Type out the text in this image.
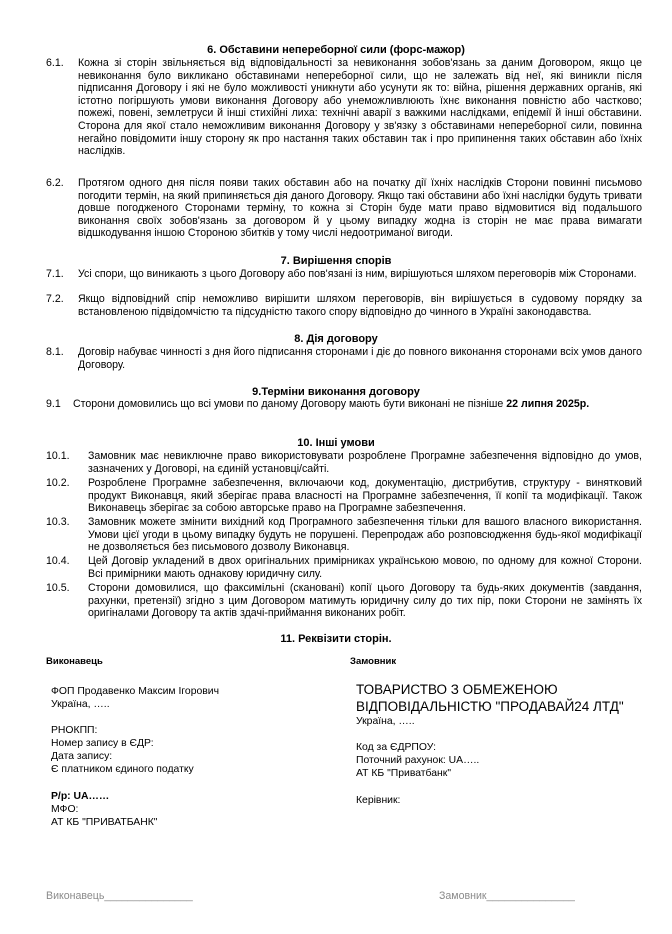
6. Обставини непереборної сили (форс-мажор)
6.1. Кожна зі сторін звільняється від відповідальності за невиконання зобов'язань за даним Договором, якщо це невиконання було викликано обставинами непереборної сили, що не залежать від неї, які виникли після підписання Договору і які не було можливості уникнути або усунути як то: війна, рішення державних органів, які істотно погіршують умови виконання Договору або унеможливлюють їхнє виконання повністю або частково; пожежі, повені, землетруси й інші стихійні лиха: технічні аварії з важкими наслідками, епідемії й інші обставини. Сторона для якої стало неможливим виконання Договору у зв'язку з обставинами непереборної сили, повинна негайно повідомити іншу сторону як про настання таких обставин так і про припинення таких обставин або їхніх наслідків.
6.2. Протягом одного дня після появи таких обставин або на початку дії їхніх наслідків Сторони повинні письмово погодити термін, на який припиняється дія даного Договору. Якщо такі обставини або їхні наслідки будуть тривати довше погодженого Сторонами терміну, то кожна зі Сторін буде мати право відмовитися від подальшого виконання своїх зобов'язань за договором й у цьому випадку жодна із сторін не має права вимагати відшкодування іншою Стороною збитків у тому числі недоотриманої вигоди.
7. Вирішення спорів
7.1. Усі спори, що виникають з цього Договору або пов'язані із ним, вирішуються шляхом переговорів між Сторонами.
7.2. Якщо відповідний спір неможливо вирішити шляхом переговорів, він вирішується в судовому порядку за встановленою підвідомчістю та підсудністю такого спору відповідно до чинного в Україні законодавства.
8. Дія договору
8.1. Договір набуває чинності з дня його підписання сторонами і діє до повного виконання сторонами всіх умов даного Договору.
9.Терміни виконання договору
9.1 Сторони домовились що всі умови по даному Договору мають бути виконані не пізніше 22 липня 2025р.
10. Інші умови
10.1. Замовник має невиключне право використовувати розроблене Програмне забезпечення відповідно до умов, зазначених у Договорі, на єдиній установці/сайті.
10.2. Розроблене Програмне забезпечення, включаючи код, документацію, дистрибутив, структуру - винятковий продукт Виконавця, який зберігає права власності на Програмне забезпечення, її копії та модифікації. Також Виконавець зберігає за собою авторське право на Програмне забезпечення.
10.3. Замовник можете змінити вихідний код Програмного забезпечення тільки для вашого власного використання. Умови цієї угоди в цьому випадку будуть не порушені. Перепродаж або розповсюдження будь-якої модифікації не дозволяється без письмового дозволу Виконавця.
10.4. Цей Договір укладений в двох оригінальних примірниках українською мовою, по одному для кожної Сторони. Всі примірники мають однакову юридичну силу.
10.5. Сторони домовилися, що факсимільні (скановані) копії цього Договору та будь-яких документів (завдання, рахунки, претензії) згідно з цим Договором матимуть юридичну силу до тих пір, поки Сторони не замінять їх оригіналами Договору та актів здачі-приймання виконаних робіт.
11. Реквізити сторін.
Виконавець
ФОП Продавенко Максим Ігорович
Україна, …..
РНОКПП:
Номер запису в ЄДР:
Дата запису:
Є платником єдиного податку
Р/р: UA……
МФО:
АТ КБ "ПРИВАТБАНК"
Замовник
ТОВАРИСТВО З ОБМЕЖЕНОЮ
ВІДПОВІДАЛЬНІСТЮ "ПРОДАВАЙ24 ЛТД"
Україна, …..
Код за ЄДРПОУ:
Поточний рахунок: UA…..
АТ КБ "Приватбанк"
Керівник:
Виконавець_______________	Замовник_______________
